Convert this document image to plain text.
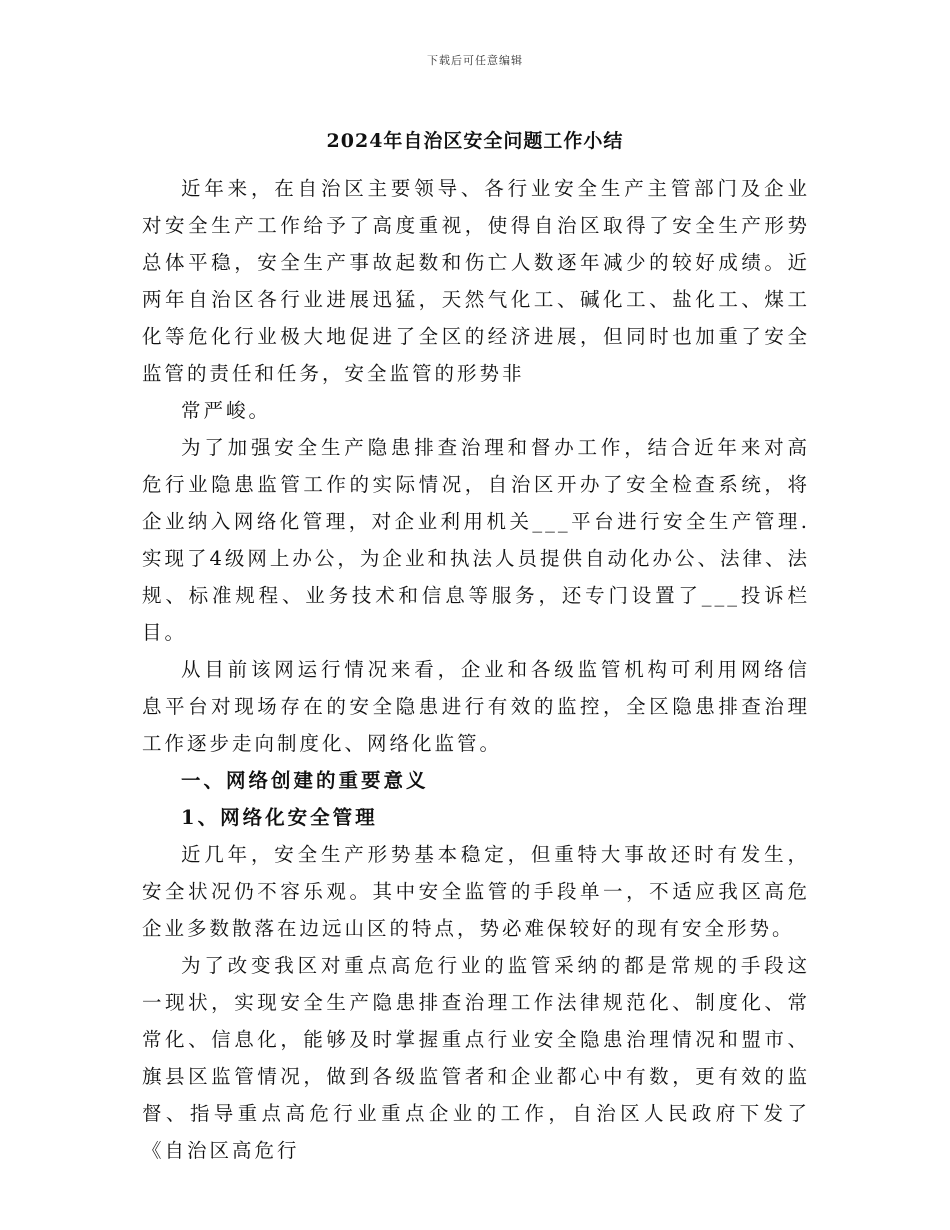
下载后可任意编辑
2024年自治区安全问题工作小结

近年来，在自治区主要领导、各行业安全生产主管部门及企业对安全生产工作给予了高度重视，使得自治区取得了安全生产形势总体平稳，安全生产事故起数和伤亡人数逐年减少的较好成绩。近两年自治区各行业进展迅猛，天然气化工、碱化工、盐化工、煤工化等危化行业极大地促进了全区的经济进展，但同时也加重了安全监管的责任和任务，安全监管的形势非

常严峻。

为了加强安全生产隐患排查治理和督办工作，结合近年来对高危行业隐患监管工作的实际情况，自治区开办了安全检查系统，将企业纳入网络化管理，对企业利用机关___平台进行安全生产管理.实现了4级网上办公，为企业和执法人员提供自动化办公、法律、法规、标准规程、业务技术和信息等服务，还专门设置了___投诉栏目。

从目前该网运行情况来看，企业和各级监管机构可利用网络信息平台对现场存在的安全隐患进行有效的监控，全区隐患排查治理工作逐步走向制度化、网络化监管。

一、网络创建的重要意义

1、网络化安全管理

近几年，安全生产形势基本稳定，但重特大事故还时有发生，安全状况仍不容乐观。其中安全监管的手段单一，不适应我区高危企业多数散落在边远山区的特点，势必难保较好的现有安全形势。

为了改变我区对重点高危行业的监管采纳的都是常规的手段这一现状，实现安全生产隐患排查治理工作法律规范化、制度化、常常化、信息化，能够及时掌握重点行业安全隐患治理情况和盟市、旗县区监管情况，做到各级监管者和企业都心中有数，更有效的监督、指导重点高危行业重点企业的工作，自治区人民政府下发了《自治区高危行
